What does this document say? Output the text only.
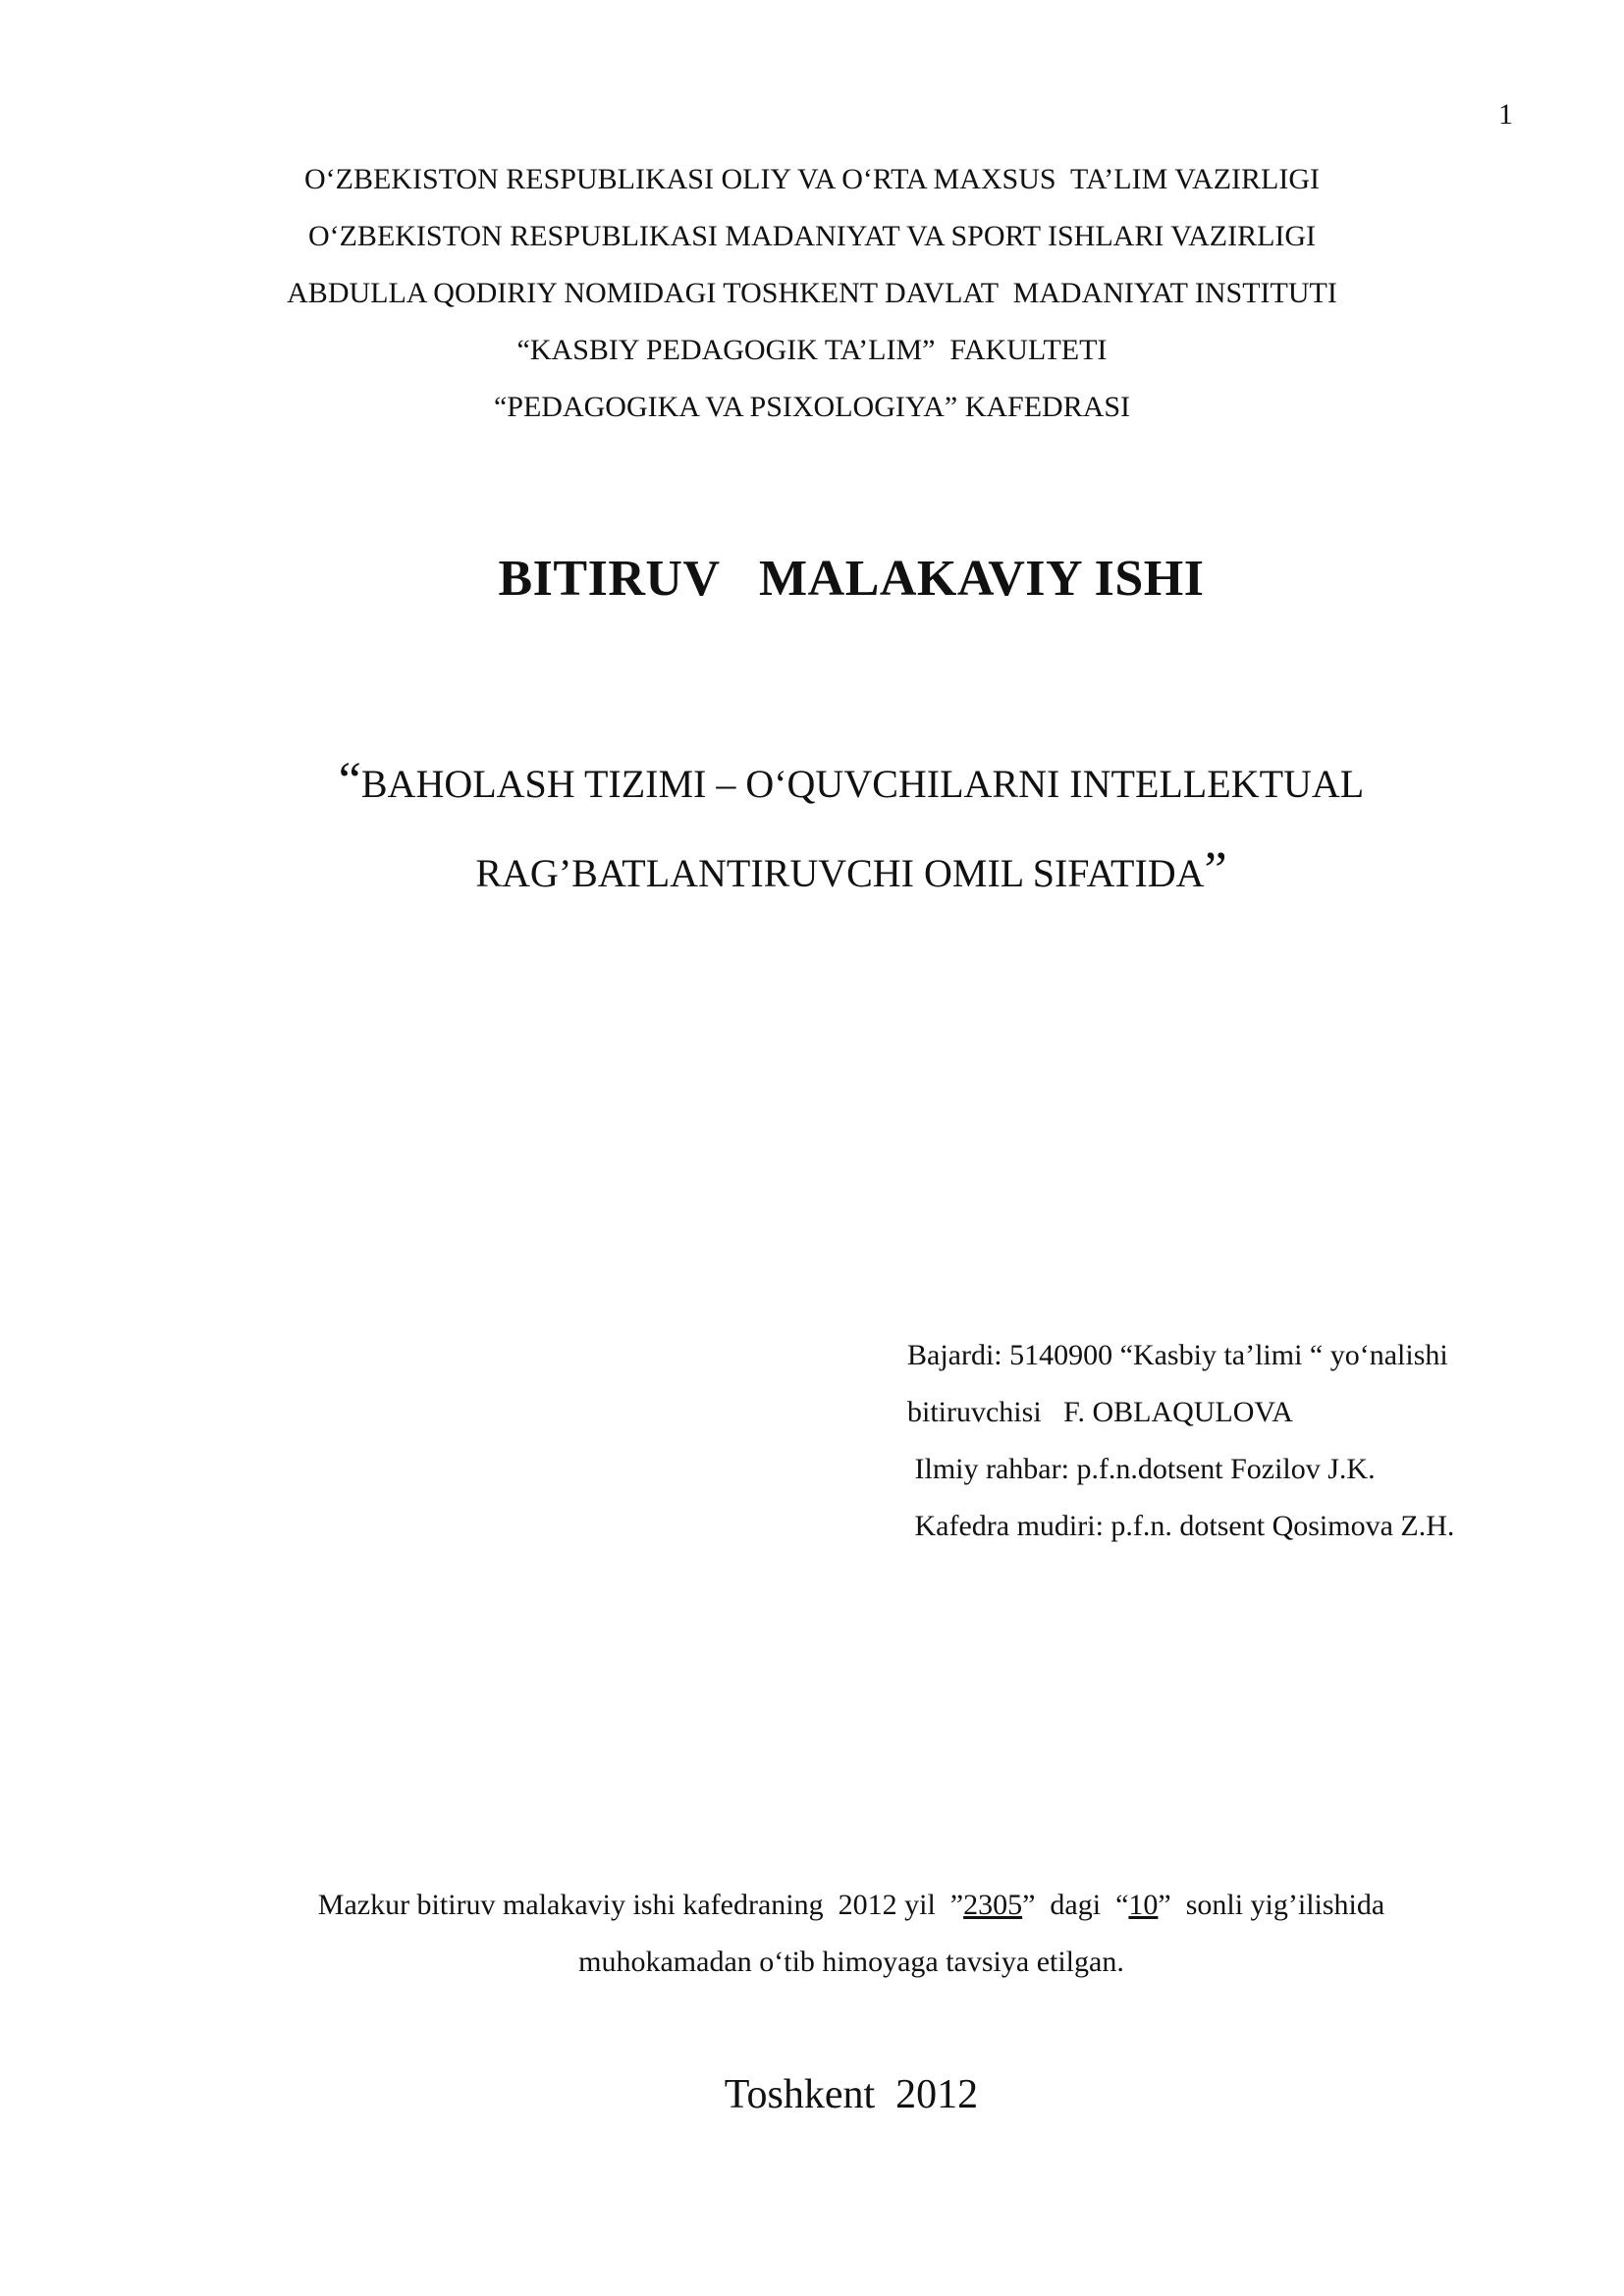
1
O‘ZBEKISTON RESPUBLIKASI OLIY VA O‘RTA MAXSUS  TA’LIM VAZIRLIGI
O‘ZBEKISTON RESPUBLIKASI MADANIYAT VA SPORT ISHLARI VAZIRLIGI
ABDULLA QODIRIY NOMIDAGI TOSHKENT DAVLAT  MADANIYAT INSTITUTI
“KASBIY PEDAGOGIK TA’LIM”  FAKULTETI
“PEDAGOGIKA VA PSIXOLOGIYA” KAFEDRASI
BITIRUV   MALAKAVIY ISHI
“BAHOLASH TIZIMI – O‘QUVCHILARNI INTELLEKTUAL
RAG’BATLANTIRUVCHI OMIL SIFATIDA”
Bajardi: 5140900 “Kasbiy ta’limi “ yo‘nalishi
bitiruvchisi   F. OBLAQULOVA
Ilmiy rahbar: p.f.n.dotsent Fozilov J.K.
Kafedra mudiri: p.f.n. dotsent Qosimova Z.H.
Mazkur bitiruv malakaviy ishi kafedraning  2012 yil  ”2305”  dagi  “10”  sonli yig’ilishida
muhokamadan o‘tib himoyaga tavsiya etilgan.
Toshkent  2012
